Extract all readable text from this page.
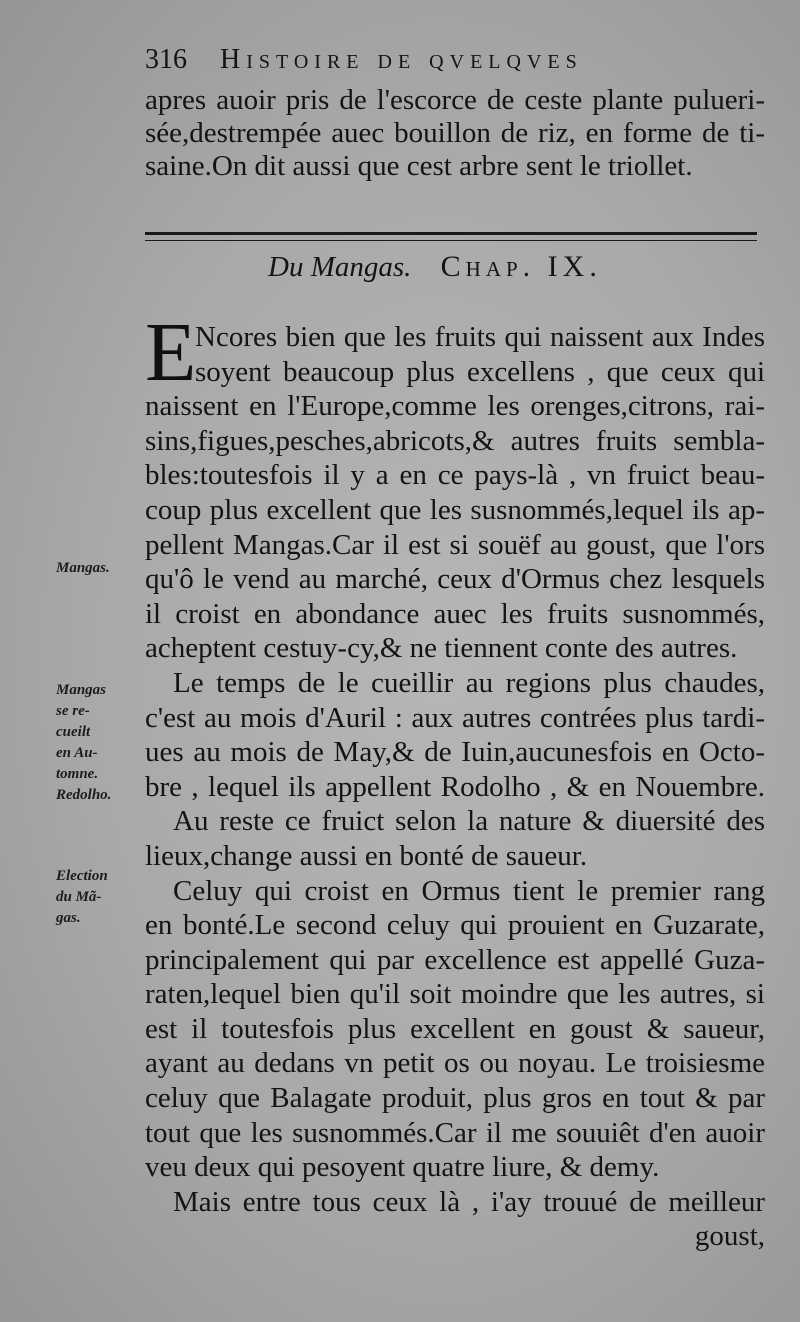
316 Histoire de qvelqves
apres auoir pris de l'escorce de ceste plante pulueri-
sée,destrempée auec bouillon de riz, en forme de ti-
saine.On dit aussi que cest arbre sent le triollet.
Du Mangas. Chap. IX.
E
Ncores bien que les fruits qui naissent aux Indes
soyent beaucoup plus excellens , que ceux qui
naissent en l'Europe,comme les orenges,citrons, rai-
sins,figues,pesches,abricots,& autres fruits sembla-
bles:toutesfois il y a en ce pays-là , vn fruict beau-
coup plus excellent que les susnommés,lequel ils ap-
pellent Mangas.Car il est si souëf au goust, que l'ors
qu'ô le vend au marché, ceux d'Ormus chez lesquels
il croist en abondance auec les fruits susnommés,
acheptent cestuy-cy,& ne tiennent conte des autres.
Le temps de le cueillir au regions plus chaudes,
c'est au mois d'Auril : aux autres contrées plus tardi-
ues au mois de May,& de Iuin,aucunesfois en Octo-
bre , lequel ils appellent Rodolho , & en Nouembre.
Au reste ce fruict selon la nature & diuersité des
lieux,change aussi en bonté de saueur.
Celuy qui croist en Ormus tient le premier rang
en bonté.Le second celuy qui prouient en Guzarate,
principalement qui par excellence est appellé Guza-
raten,lequel bien qu'il soit moindre que les autres, si
est il toutesfois plus excellent en goust & saueur,
ayant au dedans vn petit os ou noyau. Le troisiesme
celuy que Balagate produit, plus gros en tout & par
tout que les susnommés.Car il me souuiêt d'en auoir
veu deux qui pesoyent quatre liure, & demy.
Mais entre tous ceux là , i'ay trouué de meilleur
goust,
Mangas.
Mangas
se re-
cueilt
en Au-
tomne.
Redolho.
Election
du Mã-
gas.
